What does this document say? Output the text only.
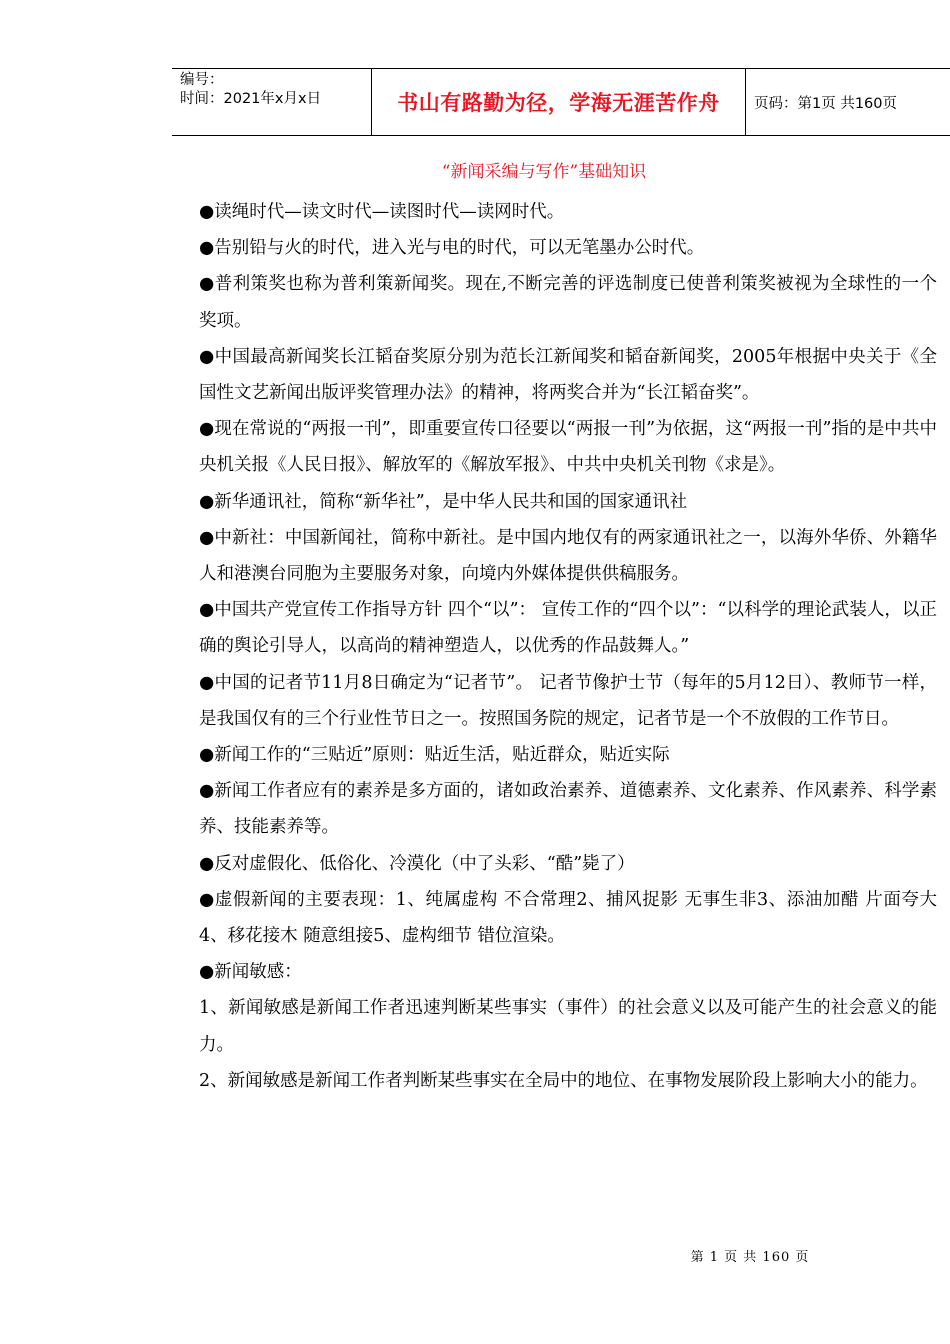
编号：
时间：2021年x月x日	书山有路勤为径，学海无涯苦作舟	页码：第1页 共160页
“新闻采编与写作”基础知识

●读绳时代—读文时代—读图时代—读网时代。

●告别铅与火的时代，进入光与电的时代，可以无笔墨办公时代。

●普利策奖也称为普利策新闻奖。现在,不断完善的评选制度已使普利策奖被视为全球性的一个奖项。

●中国最高新闻奖长江韬奋奖原分别为范长江新闻奖和韬奋新闻奖，2005年根据中央关于《全国性文艺新闻出版评奖管理办法》的精神，将两奖合并为“长江韬奋奖”。

●现在常说的“两报一刊”，即重要宣传口径要以“两报一刊”为依据，这“两报一刊”指的是中共中央机关报《人民日报》、解放军的《解放军报》、中共中央机关刊物《求是》。

●新华通讯社，简称“新华社”，是中华人民共和国的国家通讯社

●中新社：中国新闻社，简称中新社。是中国内地仅有的两家通讯社之一，以海外华侨、外籍华人和港澳台同胞为主要服务对象，向境内外媒体提供供稿服务。

●中国共产党宣传工作指导方针 四个“以”： 宣传工作的“四个以”：“以科学的理论武装人，以正确的舆论引导人，以高尚的精神塑造人，以优秀的作品鼓舞人。”

●中国的记者节11月8日确定为“记者节”。 记者节像护士节（每年的5月12日）、教师节一样，是我国仅有的三个行业性节日之一。按照国务院的规定，记者节是一个不放假的工作节日。

●新闻工作的“三贴近”原则：贴近生活，贴近群众，贴近实际

●新闻工作者应有的素养是多方面的，诸如政治素养、道德素养、文化素养、作风素养、科学素养、技能素养等。

●反对虚假化、低俗化、冷漠化（中了头彩、“酷”毙了）

●虚假新闻的主要表现：1、纯属虚构 不合常理2、捕风捉影 无事生非3、添油加醋 片面夸大 4、移花接木 随意组接5、虚构细节 错位渲染。

●新闻敏感：

1、新闻敏感是新闻工作者迅速判断某些事实（事件）的社会意义以及可能产生的社会意义的能力。

2、新闻敏感是新闻工作者判断某些事实在全局中的地位、在事物发展阶段上影响大小的能力。

第 1 页 共 160 页
